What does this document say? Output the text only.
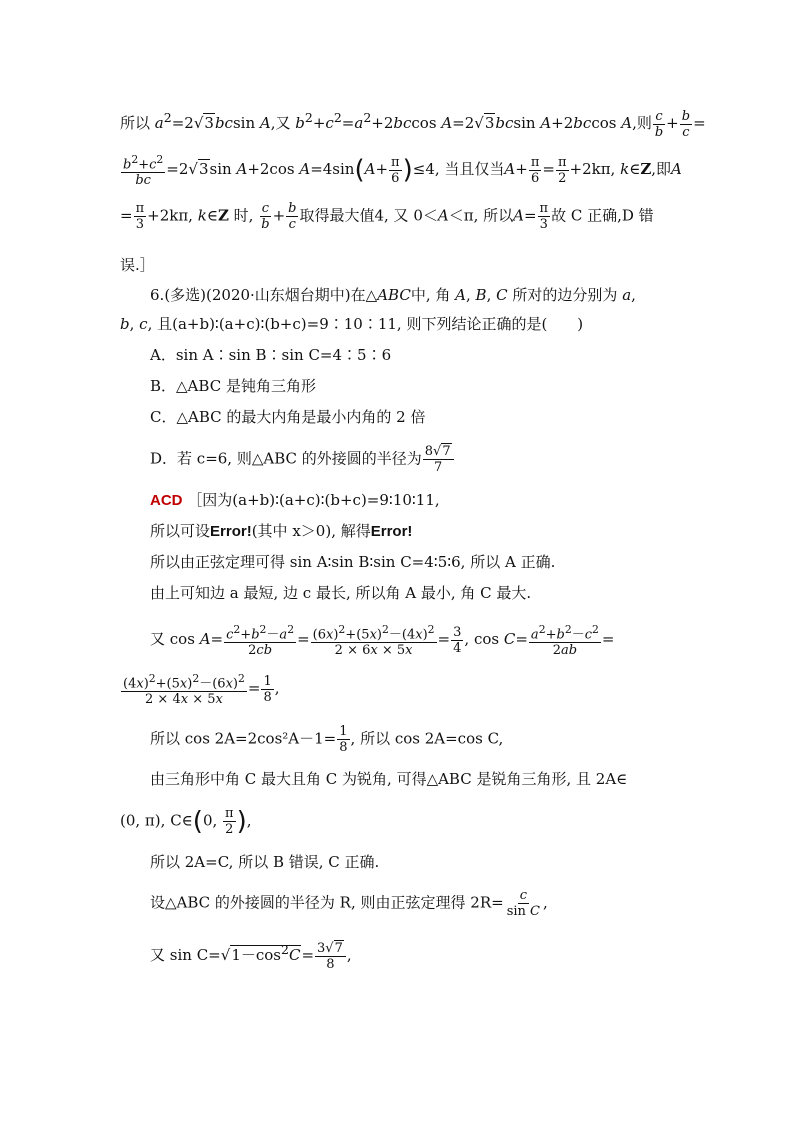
所以 $a^2=2√3bcsin$ A,又 $b^2+c^2=a^2+2bccos$ A=2√3bcsin A+2bccos A,则 $\frac{c}{b} + \frac{b}{c}$ =
$\frac{b^2+c^2}{bc} =2√3\sin$ A+2cos $A=4\sin(A+ \frac{\pi}{6} )\le 4$, 当且仅当$A+ \frac{\pi}{6} = \frac{\pi}{2} +2k\pi$, k∈Z,即A
= $\frac{\pi}{3} +2k\pi$, k∈Z 时, $\frac{c}{b} + \frac{b}{c}$ 取得最大值4, 又 0＜A＜π, 所以$A= \frac{\pi}{3}$ 故 C 正确,D 错
误.］
6.(多选)(2020·山东烟台期中)在△ABC中, 角 A, B, C 所对的边分别为 a,
b, c, 且(a+b)∶(a+c)∶(b+c)=9∶10∶11, 则下列结论正确的是(　　)
A．sin A∶sin B∶sin C=4∶5∶6
B．△ABC 是钝角三角形
C．△ABC 的最大内角是最小内角的 2 倍
D．若 c=6, 则△ABC 的外接圆的半径为 $\frac{8√7}{7}$
ACD ［因为(a+b)∶(a+c)∶(b+c)=9∶10∶11,
所以可设Error!(其中 x＞0), 解得Error!
所以由正弦定理可得 sin A∶sin B∶sin C=4∶5∶6, 所以 A 正确.
由上可知边 a 最短, 边 c 最长, 所以角 A 最小, 角 C 最大.
又 $\cos A= \frac{c^2+b^2-a^2}{2cb} = \frac{(6x)^2+(5x)^2-(4x)^2}{2 \times 6x \times 5x} = \frac{3}{4}$ , $\cos C= \frac{a^2+b^2-c^2}{2ab}$ =
$\frac{(4x)^2+(5x)^2-(6x)^2}{2 \times 4x \times 5x} = \frac{1}{8}$ ,
所以 $\cos 2A=2\cos^2A-1= \frac{1}{8}$ , 所以 cos 2A=cos C,
由三角形中角 C 最大且角 C 为锐角, 可得△ABC 是锐角三角形, 且 2A∈
(0, π), C∈(0, $\frac{\pi}{2}$ ),
所以 2A=C, 所以 B 错误, C 正确.
设△ABC 的外接圆的半径为 R, 则由正弦定理得 $2R= \frac{c}{\text{sin C}}$ ,
又 $\sin C=√1-\cos^2C= \frac{3√7}{8}$ ,
